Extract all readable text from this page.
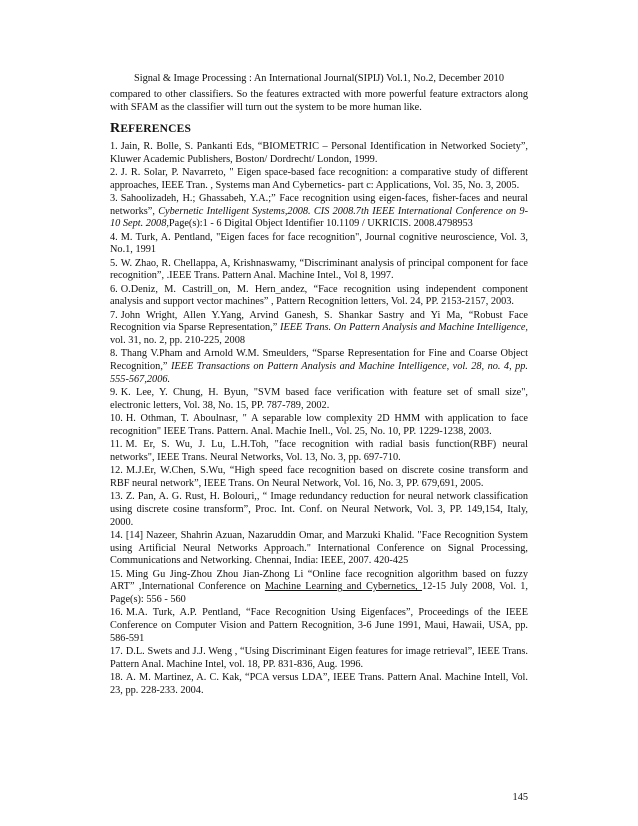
Signal & Image Processing : An International Journal(SIPIJ) Vol.1, No.2, December 2010
compared to other classifiers. So the features extracted with more powerful feature extractors along with SFAM as the classifier will turn out the system to be more human like.
REFERENCES

1. Jain, R. Bolle, S. Pankanti Eds, “BIOMETRIC – Personal Identification in Networked Society”, Kluwer Academic Publishers, Boston/ Dordrecht/ London, 1999.

2. J. R. Solar, P. Navarreto, " Eigen space-based face recognition: a comparative study of different approaches, IEEE Tran. , Systems man And Cybernetics- part c: Applications, Vol. 35, No. 3, 2005.

3. Sahoolizadeh, H.; Ghassabeh, Y.A.;” Face recognition using eigen-faces, fisher-faces and neural networks”, Cybernetic Intelligent Systems,2008. CIS 2008.7th IEEE International Conference on 9-10 Sept. 2008,Page(s):1 - 6 Digital Object Identifier 10.1109 / UKRICIS. 2008.4798953

4. M. Turk, A. Pentland, "Eigen faces for face recognition", Journal cognitive neuroscience, Vol. 3, No.1, 1991

5. W. Zhao, R. Chellappa, A, Krishnaswamy, “Discriminant analysis of principal component for face recognition”, .IEEE Trans. Pattern Anal. Machine Intel., Vol 8, 1997.

6. O.Deniz, M. Castrill_on, M. Hern_andez, “Face recognition using independent component analysis and support vector machines” , Pattern Recognition letters, Vol. 24, PP. 2153-2157, 2003.

7. John Wright, Allen Y.Yang, Arvind Ganesh, S. Shankar Sastry and Yi Ma, “Robust Face Recognition via Sparse Representation,” IEEE Trans. On Pattern Analysis and Machine Intelligence, vol. 31, no. 2, pp. 210-225, 2008

8. Thang V.Pham and Arnold W.M. Smeulders, “Sparse Representation for Fine and Coarse Object Recognition,” IEEE Transactions on Pattern Analysis and Machine Intelligence, vol. 28, no. 4, pp. 555-567,2006.

9. K. Lee, Y. Chung, H. Byun, "SVM based face verification with feature set of small size", electronic letters, Vol. 38, No. 15, PP. 787-789, 2002.

10. H. Othman, T. Aboulnasr, " A separable low complexity 2D HMM with application to face recognition" IEEE Trans. Pattern. Anal. Machie Inell., Vol. 25, No. 10, PP. 1229-1238, 2003.

11. M. Er, S. Wu, J. Lu, L.H.Toh, "face recognition with radial basis function(RBF) neural networks", IEEE Trans. Neural Networks, Vol. 13, No. 3, pp. 697-710.

12. M.J.Er, W.Chen, S.Wu, “High speed face recognition based on discrete cosine transform and RBF neural network”, IEEE Trans. On Neural Network, Vol. 16, No. 3, PP. 679,691, 2005.

13. Z. Pan, A. G. Rust, H. Bolouri,, “ Image redundancy reduction for neural network classification using discrete cosine transform”, Proc. Int. Conf. on Neural Network, Vol. 3, PP. 149,154, Italy, 2000.

14. [14] Nazeer, Shahrin Azuan, Nazaruddin Omar, and Marzuki Khalid. "Face Recognition System using Artificial Neural Networks Approach." International Conference on Signal Processing, Communications and Networking. Chennai, India: IEEE, 2007. 420-425

15. Ming Gu Jing-Zhou Zhou Jian-Zhong Li “Online face recognition algorithm based on fuzzy ART” ,International Conference on Machine Learning and Cybernetics, 12-15 July 2008, Vol. 1, Page(s): 556 - 560

16. M.A. Turk, A.P. Pentland, “Face Recognition Using Eigenfaces”, Proceedings of the IEEE Conference on Computer Vision and Pattern Recognition, 3-6 June 1991, Maui, Hawaii, USA, pp. 586-591

17. D.L. Swets and J.J. Weng , “Using Discriminant Eigen features for image retrieval”, IEEE Trans. Pattern Anal. Machine Intel, vol. 18, PP. 831-836, Aug. 1996.

18. A. M. Martinez, A. C. Kak, “PCA versus LDA”, IEEE Trans. Pattern Anal. Machine Intell, Vol. 23, pp. 228-233. 2004.

145
